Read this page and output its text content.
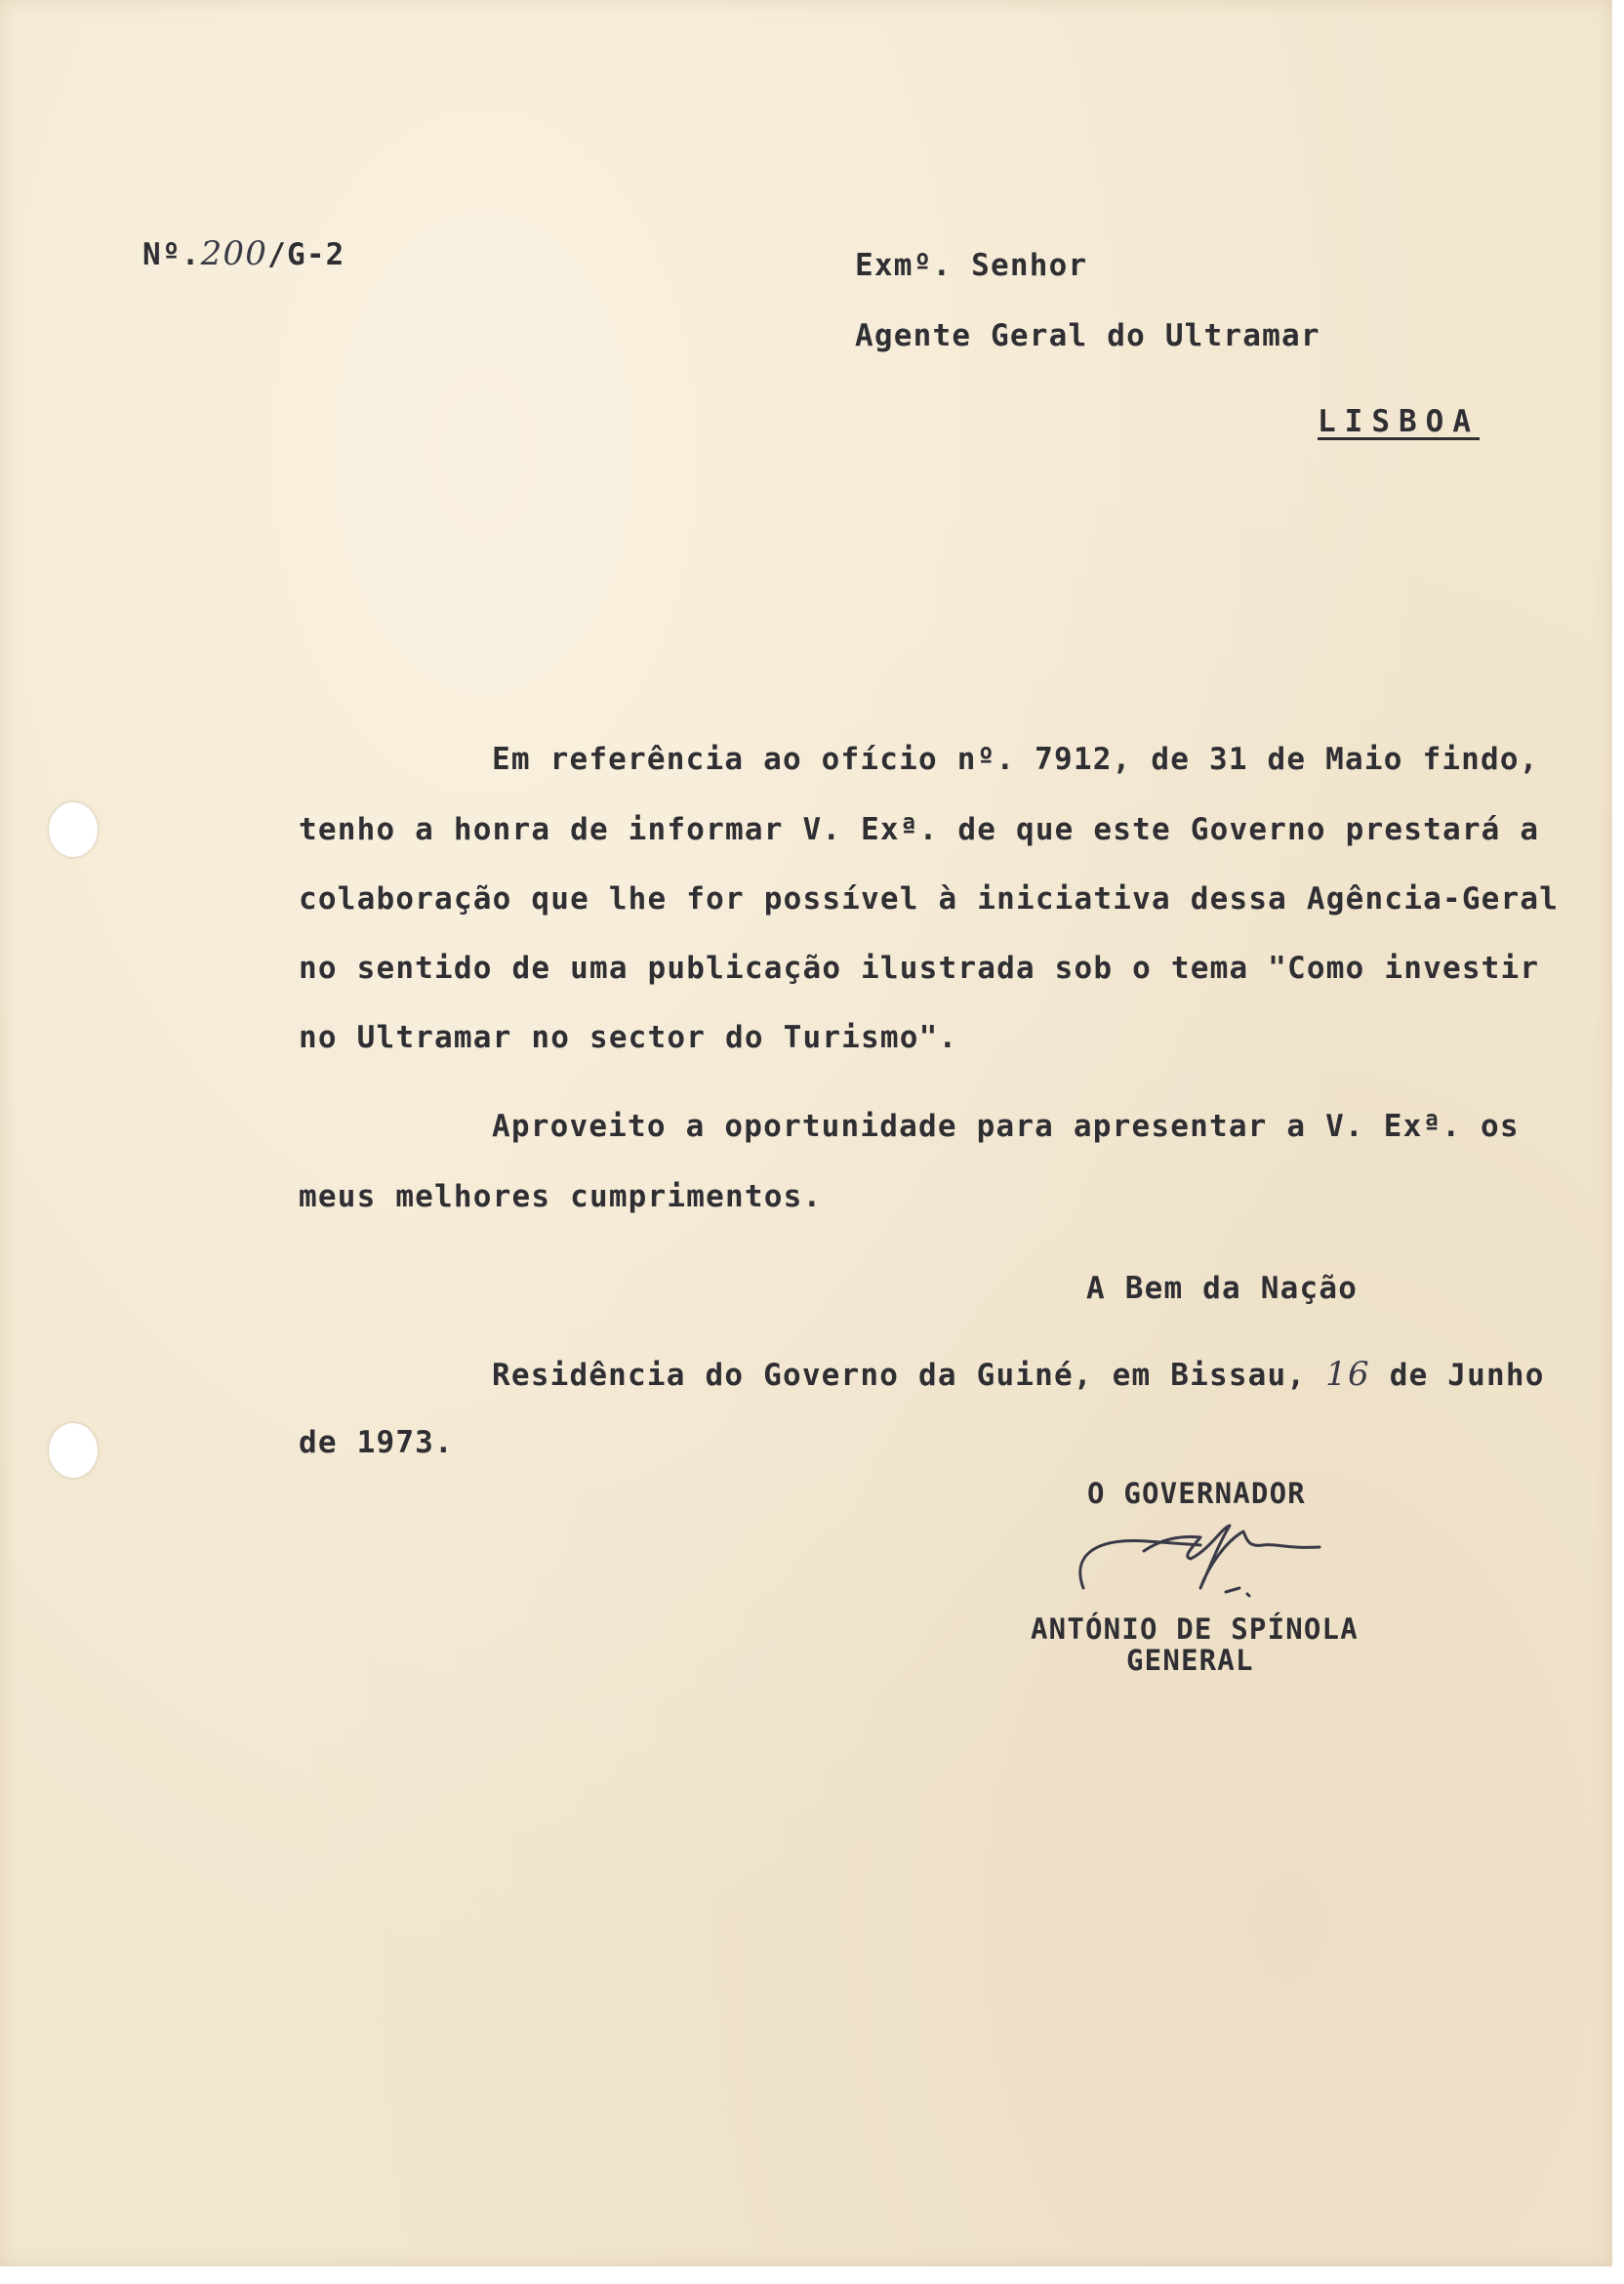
Nº.200/G-2	Exmº. Senhor
Agente Geral do Ultramar
LISBOA
Em referência ao ofício nº. 7912, de 31 de Maio findo,
tenho a honra de informar V. Exª. de que este Governo prestará a
colaboração que lhe for possível à iniciativa dessa Agência-Geral
no sentido de uma publicação ilustrada sob o tema "Como investir
no Ultramar no sector do Turismo".
Aproveito a oportunidade para apresentar a V. Exª. os
meus melhores cumprimentos.
A Bem da Nação
Residência do Governo da Guiné, em Bissau, 16 de Junho
de 1973.
O GOVERNADOR
ANTÓNIO DE SPÍNOLA
GENERAL
